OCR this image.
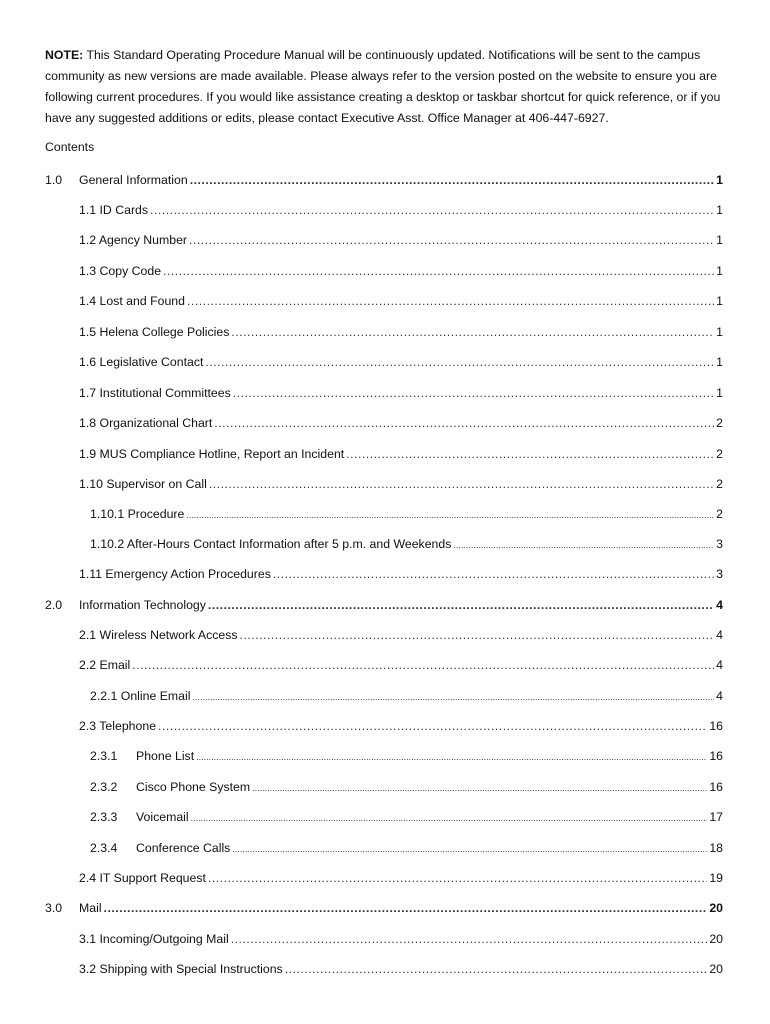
NOTE: This Standard Operating Procedure Manual will be continuously updated. Notifications will be sent to the campus community as new versions are made available. Please always refer to the version posted on the website to ensure you are following current procedures. If you would like assistance creating a desktop or taskbar shortcut for quick reference, or if you have any suggested additions or edits, please contact Executive Asst. Office Manager at 406-447-6927.

Contents
1.0	General Information .....	1
1.1 ID Cards .....	1
1.2 Agency Number .....	1
1.3 Copy Code .....	1
1.4 Lost and Found .....	1
1.5 Helena College Policies .....	1
1.6 Legislative Contact .....	1
1.7 Institutional Committees .....	1
1.8 Organizational Chart .....	2
1.9 MUS Compliance Hotline, Report an Incident .....	2
1.10 Supervisor on Call .....	2
1.10.1 Procedure .....	2
1.10.2 After-Hours Contact Information after 5 p.m. and Weekends .....	3
1.11 Emergency Action Procedures .....	3
2.0	Information Technology .....	4
2.1 Wireless Network Access .....	4
2.2 Email .....	4
2.2.1 Online Email .....	4
2.3 Telephone .....	16
2.3.1	Phone List .....	16
2.3.2	Cisco Phone System .....	16
2.3.3	Voicemail .....	17
2.3.4	Conference Calls .....	18
2.4 IT Support Request .....	19
3.0	Mail .....	20
3.1 Incoming/Outgoing Mail .....	20
3.2 Shipping with Special Instructions .....	20
